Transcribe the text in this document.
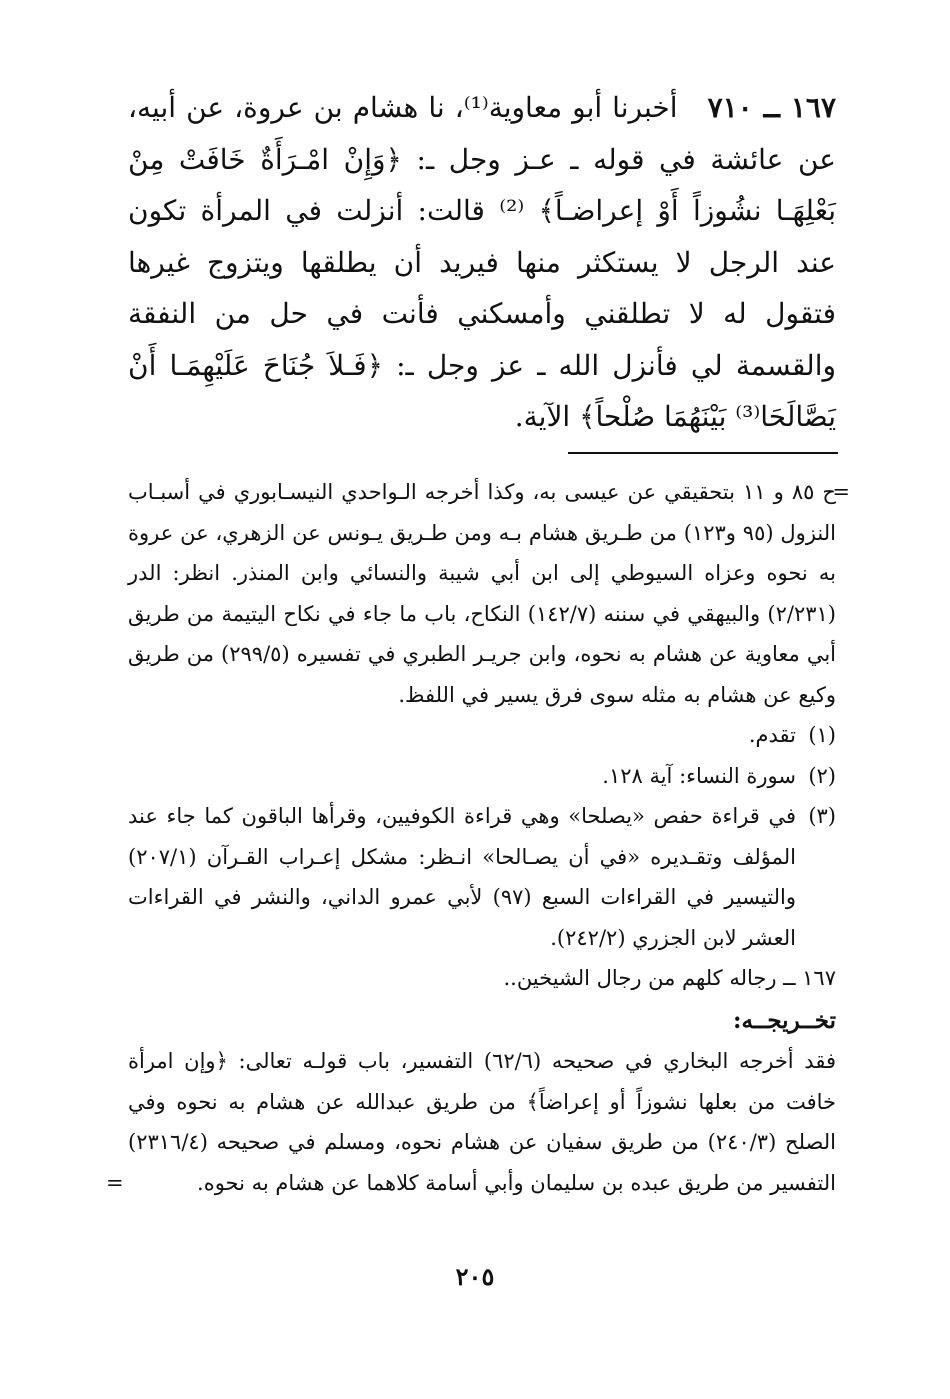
١٦٧ ــ ٧١٠   أخبرنا أبو معاوية⁽¹⁾، نا هشام بن عروة، عن أبيه، عن عائشة في قوله ـ عـز وجل ـ: ﴿وَإِنْ امْـرَأَةٌ خَافَتْ مِنْ بَعْلِهَـا نشُوزاً أَوْ إعراضـاً﴾ ⁽²⁾ قالت: أنزلت في المرأة تكون عند الرجل لا يستكثر منها فيريد أن يطلقها ويتزوج غيرها فتقول له لا تطلقني وأمسكني فأنت في حل من النفقة والقسمة لي فأنزل الله ـ عز وجل ـ: ﴿فَـلاَ جُنَاحَ عَلَيْهِمَـا أَنْ يَصَّالَحَا⁽³⁾ بَيْنَهُمَا صُلْحاً﴾ الآية.

=

ح ٨٥ و ١١ بتحقيقي عن عيسى به، وكذا أخرجه الـواحدي النيسـابوري في أسبـاب النزول (٩٥ و١٢٣) من طـريق هشام بـه ومن طـريق يـونس عن الزهري، عن عروة به نحوه وعزاه السيوطي إلى ابن أبي شيبة والنسائي وابن المنذر. انظر: الدر (٢/٢٣١) والبيهقي في سننه (١٤٢/٧) النكاح، باب ما جاء في نكاح اليتيمة من طريق أبي معاوية عن هشام به نحوه، وابن جريـر الطبري في تفسيره (٢٩٩/٥) من طريق وكيع عن هشام به مثله سوى فرق يسير في اللفظ.

(١)
تقدم.
(٢)
سورة النساء: آية ١٢٨.
(٣)
في قراءة حفص «يصلحا» وهي قراءة الكوفيين، وقرأها الباقون كما جاء عند المؤلف وتقـديره «في أن يصـالحا» انـظر: مشكل إعـراب القـرآن (٢٠٧/١) والتيسير في القراءات السبع (٩٧) لأبي عمرو الداني، والنشر في القراءات العشر لابن الجزري (٢٤٢/٢).

١٦٧ ــ رجاله كلهم من رجال الشيخين..

تخــريجــه:

فقد أخرجه البخاري في صحيحه (٦٢/٦) التفسير، باب قولـه تعالى: ﴿وإن امرأة خافت من بعلها نشوزاً أو إعراضاً﴾ من طريق عبدالله عن هشام به نحوه وفي الصلح (٢٤٠/٣) من طريق سفيان عن هشام نحوه، ومسلم في صحيحه (٢٣١٦/٤) التفسير من طريق عبده بن سليمان وأبي أسامة كلاهما عن هشام به نحوه.

=
٢٠٥
